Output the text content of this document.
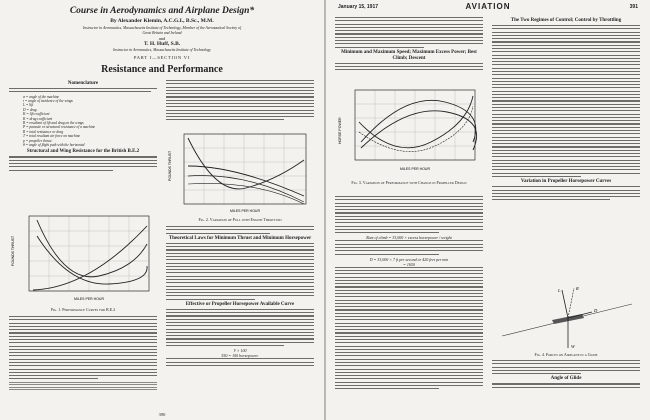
Course in Aerodynamics and Airplane Design*
By Alexander Klemin, A.C.G.I., B.Sc., M.M.
Instructor in Aeronautics, Massachusetts Institute of Technology, Member of the Aeronautical Society of
Great Britain and Ireland
and
T. H. Huff, S.B.
Instructor in Aeronautics, Massachusetts Institute of Technology
PART I—SECTION VI
Resistance and Performance
Nomenclature
α = angle of the machine
i = angle of incidence of the wings
L = lift
D = drag
K = lift coefficient
K = drag coefficient
R = resultant of lift and drag on the wings
P = parasite or structural resistance of a machine
R = total resistance or drag
T = total resultant air force on machine
p = propeller thrust
θ = angle of flight path with the horizontal
Structural and Wing Resistance for the British B.E.2
POUNDS THRUST
MILES PER HOUR
Fig. 1. Performance Curves for B.E.2
POUNDS THRUST
MILES PER HOUR
Fig. 2. Variation of Pull with Engine Throttled
Theoretical Laws for Minimum Thrust and Minimum Horsepower
Effective or Propeller Horsepower Available Curve
V × 100
550 = 100 horsepower.
390
January 15, 1917	AVIATION	391
Minimum and Maximum Speed; Maximum Excess Power; Best Climb; Descent
HORSE POWER
MILES PER HOUR
Fig. 3. Variation of Performance with Change in Propeller Design
Rate of climb = 33,000 × excess horsepower / weight
D = 33,000 × 7 ft per second or 420 feet per min
= 1650
The Two Regimes of Control; Control by Throttling
Variation in Propeller Horsepower Curves
L	R
D
W
Fig. 4. Forces on Airplane in a Glide
Angle of Glide
